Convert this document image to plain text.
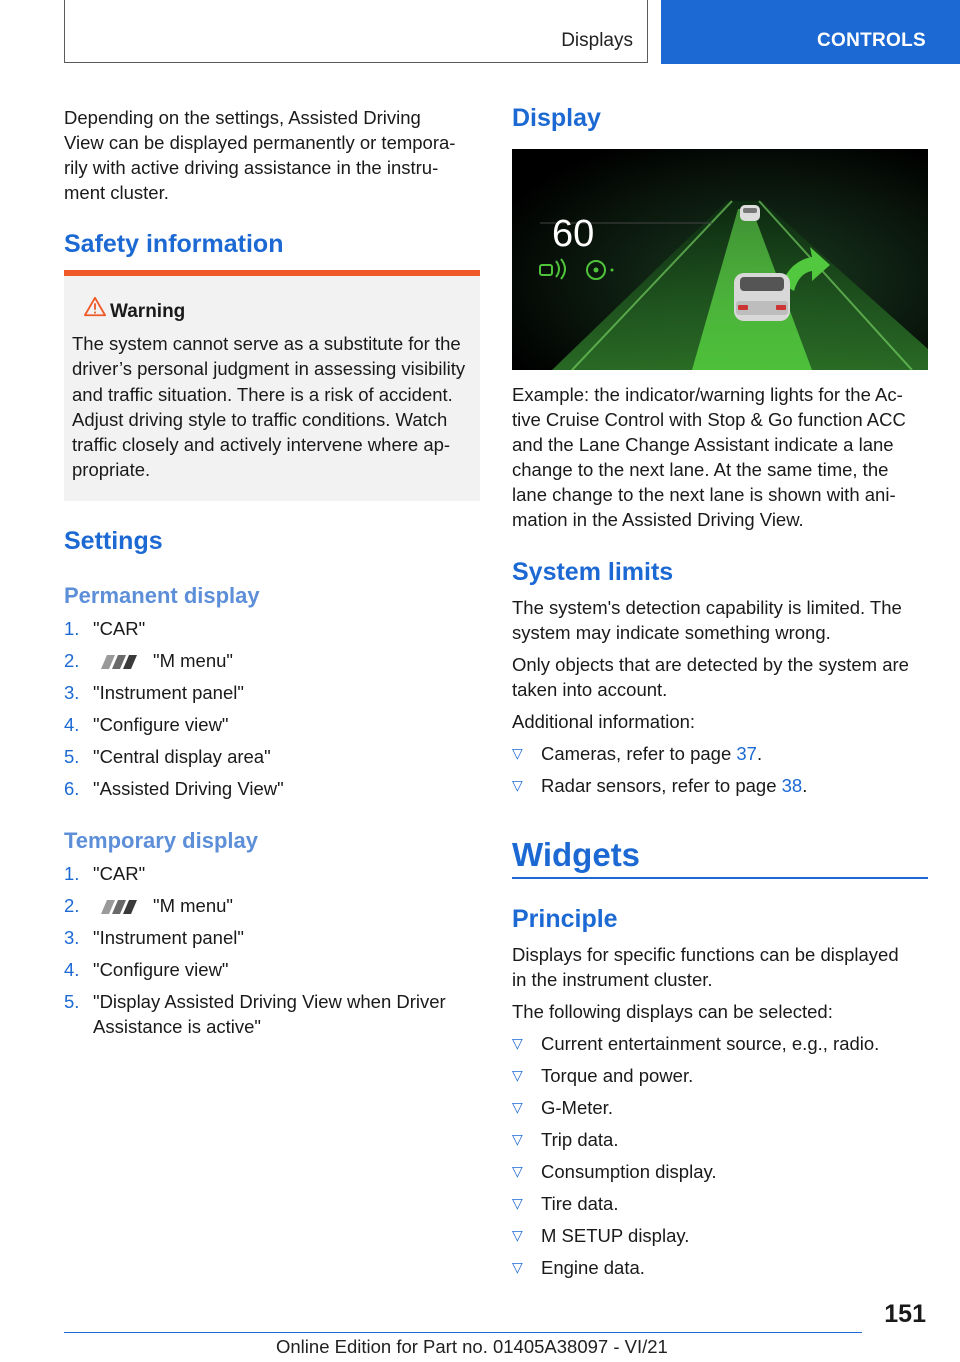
Displays	CONTROLS

Depending on the settings, Assisted Driving

View can be displayed permanently or tempora-

rily with active driving assistance in the instru-

ment cluster.

Safety information
Warning

The system cannot serve as a substitute for the

driver’s personal judgment in assessing visibility

and traffic situation. There is a risk of accident.

Adjust driving style to traffic conditions. Watch

traffic closely and actively intervene where ap-

propriate.

Settings
Permanent display
1. "CAR"
2.	"M menu"
3. "Instrument panel"
4. "Configure view"
5. "Central display area"
6. "Assisted Driving View"
Temporary display
1. "CAR"
2.	"M menu"
3. "Instrument panel"
4. "Configure view"
5. "Display Assisted Driving View when Driver
Assistance is active"
Display
60

Example: the indicator/warning lights for the Ac-

tive Cruise Control with Stop & Go function ACC

and the Lane Change Assistant indicate a lane

change to the next lane. At the same time, the

lane change to the next lane is shown with ani-

mation in the Assisted Driving View.

System limits

The system's detection capability is limited. The

system may indicate something wrong.

Only objects that are detected by the system are

taken into account.

Additional information:

▽ Cameras, refer to page 37.
▽ Radar sensors, refer to page 38.
Widgets
Principle

Displays for specific functions can be displayed

in the instrument cluster.

The following displays can be selected:

▽ Current entertainment source, e.g., radio.
▽ Torque and power.
▽ G-Meter.
▽ Trip data.
▽ Consumption display.
▽ Tire data.
▽ M SETUP display.
▽ Engine data.
151
Online Edition for Part no. 01405A38097 - VI/21
